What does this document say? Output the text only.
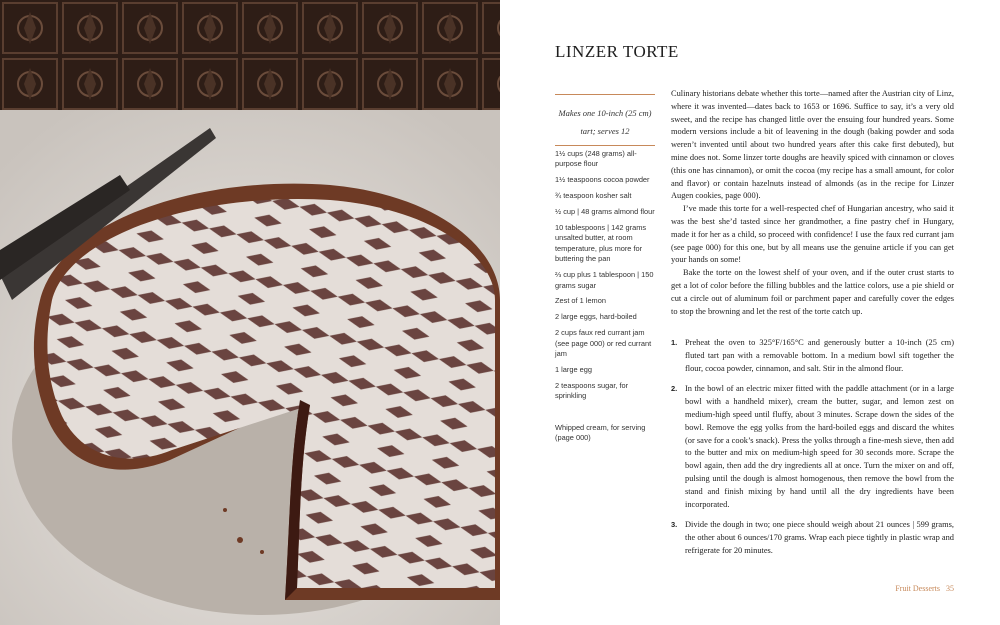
LINZER TORTE
Makes one 10-inch (25 cm) tart; serves 12
1½ cups (248 grams) all-purpose flour
1½ teaspoons cocoa powder
¾ teaspoon kosher salt
½ cup | 48 grams almond flour
10 tablespoons | 142 grams unsalted butter, at room temperature, plus more for buttering the pan
⅔ cup plus 1 tablespoon | 150 grams sugar
Zest of 1 lemon
2 large eggs, hard-boiled
2 cups faux red currant jam (see page 000) or red currant jam
1 large egg
2 teaspoons sugar, for sprinkling
Whipped cream, for serving (page 000)

Culinary historians debate whether this torte—named after the Austrian city of Linz, where it was invented—dates back to 1653 or 1696. Suffice to say, it’s a very old sweet, and the recipe has changed little over the ensuing four hundred years. Some modern versions include a bit of leavening in the dough (baking powder and soda weren’t invented until about two hundred years after this cake first debuted), but mine does not. Some linzer torte doughs are heavily spiced with cinnamon or cloves (this one has cinnamon), or omit the cocoa (my recipe has a small amount, for color and flavor) or contain hazelnuts instead of almonds (as in the recipe for Linzer Augen cookies, page 000).

I’ve made this torte for a well-respected chef of Hungarian ancestry, who said it was the best she’d tasted since her grandmother, a fine pastry chef in Hungary, made it for her as a child, so proceed with confidence! I use the faux red currant jam (see page 000) for this one, but by all means use the genuine article if you can get your hands on some!

Bake the torte on the lowest shelf of your oven, and if the outer crust starts to get a lot of color before the filling bubbles and the lattice colors, use a pie shield or cut a circle out of aluminum foil or parchment paper and carefully cover the edges to stop the browning and let the rest of the torte catch up.

1. Preheat the oven to 325°F/165°C and generously butter a 10-inch (25 cm) fluted tart pan with a removable bottom. In a medium bowl sift together the flour, cocoa powder, cinnamon, and salt. Stir in the almond flour.
2. In the bowl of an electric mixer fitted with the paddle attachment (or in a large bowl with a handheld mixer), cream the butter, sugar, and lemon zest on medium-high speed until fluffy, about 3 minutes. Scrape down the sides of the bowl. Remove the egg yolks from the hard-boiled eggs and discard the whites (or save for a cook’s snack). Press the yolks through a fine-mesh sieve, then add to the butter and mix on medium-high speed for 30 seconds more. Scrape the bowl again, then add the dry ingredients all at once. Turn the mixer on and off, pulsing until the dough is almost homogenous, then remove the bowl from the stand and finish mixing by hand until all the dry ingredients have been incorporated.
3. Divide the dough in two; one piece should weigh about 21 ounces | 599 grams, the other about 6 ounces/170 grams. Wrap each piece tightly in plastic wrap and refrigerate for 20 minutes.
Fruit Desserts 35
